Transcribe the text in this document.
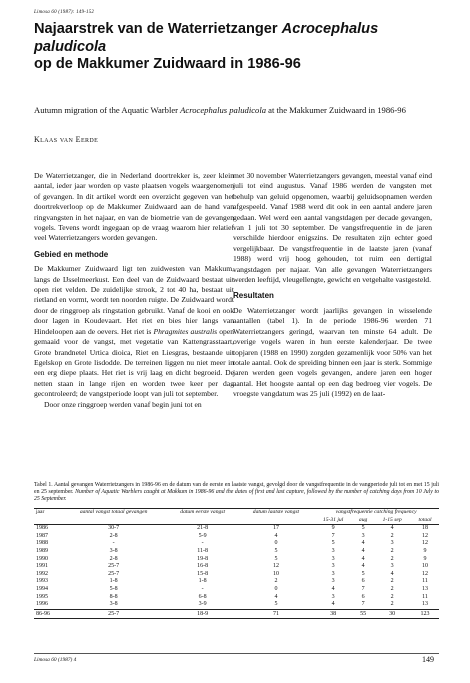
Limosa 60 (1987): 149-152
Najaarstrek van de Waterrietzanger Acrocephalus paludicola
op de Makkumer Zuidwaard in 1986-96
Autumn migration of the Aquatic Warbler Acrocephalus paludicola at the Makkumer Zuidwaard in 1986-96
Klaas van Eerde

De Waterrietzanger, die in Nederland doortrekker is, zeer klein aantal, ieder jaar worden op vaste plaatsen vogels waargenomen of gevangen. In dit artikel wordt een overzicht gegeven van het doortrekverloop op de Makkumer Zuidwaard aan de hand van ringvangsten in het najaar, en van de biometrie van de gevangen vogels. Tevens wordt ingegaan op de vraag waarom hier relatief veel Waterrietzangers worden gevangen.

Gebied en methode

De Makkumer Zuidwaard ligt ten zuidwesten van Makkum, langs de IJsselmeerkust. Een deel van de Zuidwaard bestaat uit open riet velden. De zuidelijke strook, 2 tot 40 ha, bestaat uit rietland en vormt, wordt ten noorden ruigte. De Zuidwaard wordt door de ringgroep als ringstation gebruikt. Vanaf de kooi en ook door lagen in Koudevaart. Het riet en bies hier langs van Hindeloopen aan de oevers. Het riet is Phragmites australis open gemaaid voor de vangst, met vegetatie van Kattengrasstaart, Grote brandnetel Urtica dioica, Riet en Liesgras, bestaande uit Egelskop en Grote lisdodde. De terreinen liggen nu niet meer in een erg diepe plaats. Het riet is vrij laag en dicht begroeid. De netten staan in lange rijen en worden twee keer per dag gecontroleerd; de vangstperiode loopt van juli tot september.

Door onze ringgroep werden vanaf begin juni tot en

met 30 november Waterrietzangers gevangen, meestal vanaf eind juli tot eind augustus. Vanaf 1986 werden de vangsten met behulp van geluid opgenomen, waarbij geluidsopnamen werden afgespeeld. Vanaf 1988 werd dit ook in een aantal andere jaren gedaan. Wel werd een aantal vangstdagen per decade gevangen, van 1 juli tot 30 september. De vangstfrequentie in de jaren verschilde hierdoor enigszins. De resultaten zijn echter goed vergelijkbaar. De vangstfrequentie in de laatste jaren (vanaf 1988) werd vrij hoog gehouden, tot ruim een dertigtal vangstdagen per najaar. Van alle gevangen Waterrietzangers werden leeftijd, vleugellengte, gewicht en vetgehalte vastgesteld.

Resultaten

De Waterrietzanger wordt jaarlijks gevangen in wisselende aantallen (tabel 1). In de periode 1986-96 werden 71 Waterrietzangers geringd, waarvan ten minste 64 adult. De overige vogels waren in hun eerste kalenderjaar. De twee topjaren (1988 en 1990) zorgden gezamenlijk voor 50% van het totale aantal. Ook de spreiding binnen een jaar is sterk. Sommige jaren werden geen vogels gevangen, andere jaren een hoger aantal. Het hoogste aantal op een dag bedroeg vier vogels. De vroegste vangdatum was 25 juli (1992) en de laat-

Tabel 1. Aantal gevangen Waterrietzangers in 1986-96 en de datum van de eerste en laatste vangst, gevolgd door de vangstfrequentie in de vangperiode juli tot en met 15 juli en 25 september. Number of Aquatic Warblers caught at Makkum in 1986-96 and the dates of first and last capture, followed by the number of catching days from 10 July to 25 September.
jaar	aantal vangst totaal gevangen	datum eerste vangst	datum laatste vangst	vangstfrequentie catching frequency			
				15-31 jul	aug	1-15 sep	totaal
1986	30-7	21-8	17	9	5	4	18
1987	2-8	5-9	4	7	3	2	12
1988	-	-	0	5	4	3	12
1989	3-8	11-8	5	3	4	2	9
1990	2-8	19-8	5	3	4	2	9
1991	25-7	16-8	12	3	4	3	10
1992	25-7	15-8	10	3	5	4	12
1993	1-8	1-8	2	3	6	2	11
1994	5-8	-	0	4	7	2	13
1995	8-8	6-8	4	3	6	2	11
1996	3-8	3-9	5	4	7	2	13
86-96	25-7	18-9	71	38	55	30	123
Limosa 60 (1987) 4	149
